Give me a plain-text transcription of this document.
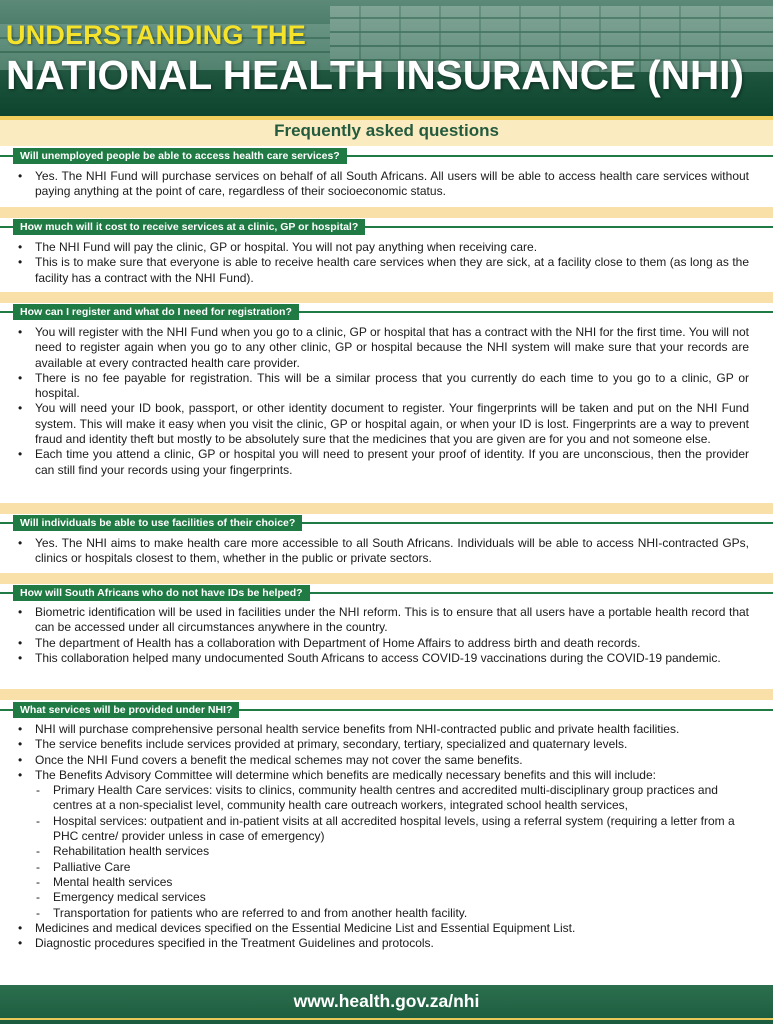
UNDERSTANDING THE
NATIONAL HEALTH INSURANCE (NHI)
Frequently asked questions
Will unemployed people be able to access health care services?
• Yes. The NHI Fund will purchase services on behalf of all South Africans. All users will be able to access health care services without paying anything at the point of care, regardless of their socioeconomic status.
How much will it cost to receive services at a clinic, GP or hospital?
• The NHI Fund will pay the clinic, GP or hospital. You will not pay anything when receiving care.
• This is to make sure that everyone is able to receive health care services when they are sick, at a facility close to them (as long as the facility has a contract with the NHI Fund).
How can I register and what do I need for registration?
• You will register with the NHI Fund when you go to a clinic, GP or hospital that has a contract with the NHI for the first time. You will not need to register again when you go to any other clinic, GP or hospital because the NHI system will make sure that your records are available at every contracted health care provider.
• There is no fee payable for registration. This will be a similar process that you currently do each time to you go to a clinic, GP or hospital.
• You will need your ID book, passport, or other identity document to register. Your fingerprints will be taken and put on the NHI Fund system. This will make it easy when you visit the clinic, GP or hospital again, or when your ID is lost. Fingerprints are a way to prevent fraud and identity theft but mostly to be absolutely sure that the medicines that you are given are for you and not someone else.
• Each time you attend a clinic, GP or hospital you will need to present your proof of identity. If you are unconscious, then the provider can still find your records using your fingerprints.
Will individuals be able to use facilities of their choice?
• Yes. The NHI aims to make health care more accessible to all South Africans. Individuals will be able to access NHI-contracted GPs, clinics or hospitals closest to them, whether in the public or private sectors.
How will South Africans who do not have IDs be helped?
• Biometric identification will be used in facilities under the NHI reform. This is to ensure that all users have a portable health record that can be accessed under all circumstances anywhere in the country.
• The department of Health has a collaboration with Department of Home Affairs to address birth and death records.
• This collaboration helped many undocumented South Africans to access COVID-19 vaccinations during the COVID-19 pandemic.
What services will be provided under NHI?
• NHI will purchase comprehensive personal health service benefits from NHI-contracted public and private health facilities.
• The service benefits include services provided at primary, secondary, tertiary, specialized and quaternary levels.
• Once the NHI Fund covers a benefit the medical schemes may not cover the same benefits.
• The Benefits Advisory Committee will determine which benefits are medically necessary benefits and this will include:
- Primary Health Care services: visits to clinics, community health centres and accredited multi-disciplinary group practices and centres at a non-specialist level, community health care outreach workers, integrated school health services,
- Hospital services: outpatient and in-patient visits at all accredited hospital levels, using a referral system (requiring a letter from a PHC centre/ provider unless in case of emergency)
- Rehabilitation health services
- Palliative Care
- Mental health services
- Emergency medical services
- Transportation for patients who are referred to and from another health facility.
• Medicines and medical devices specified on the Essential Medicine List and Essential Equipment List.
• Diagnostic procedures specified in the Treatment Guidelines and protocols.
www.health.gov.za/nhi
